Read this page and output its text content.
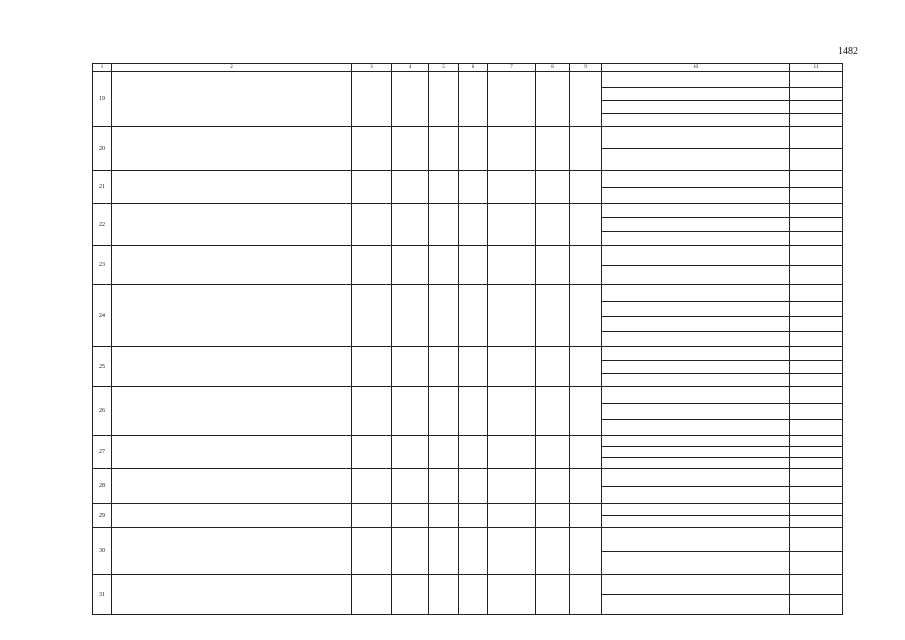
1482
1	2	3	4	5	6	7	8	9	10	11
19									

20									

21									

22									

23									

24									

25									

26									

27									

28									

29									

30									

31									
